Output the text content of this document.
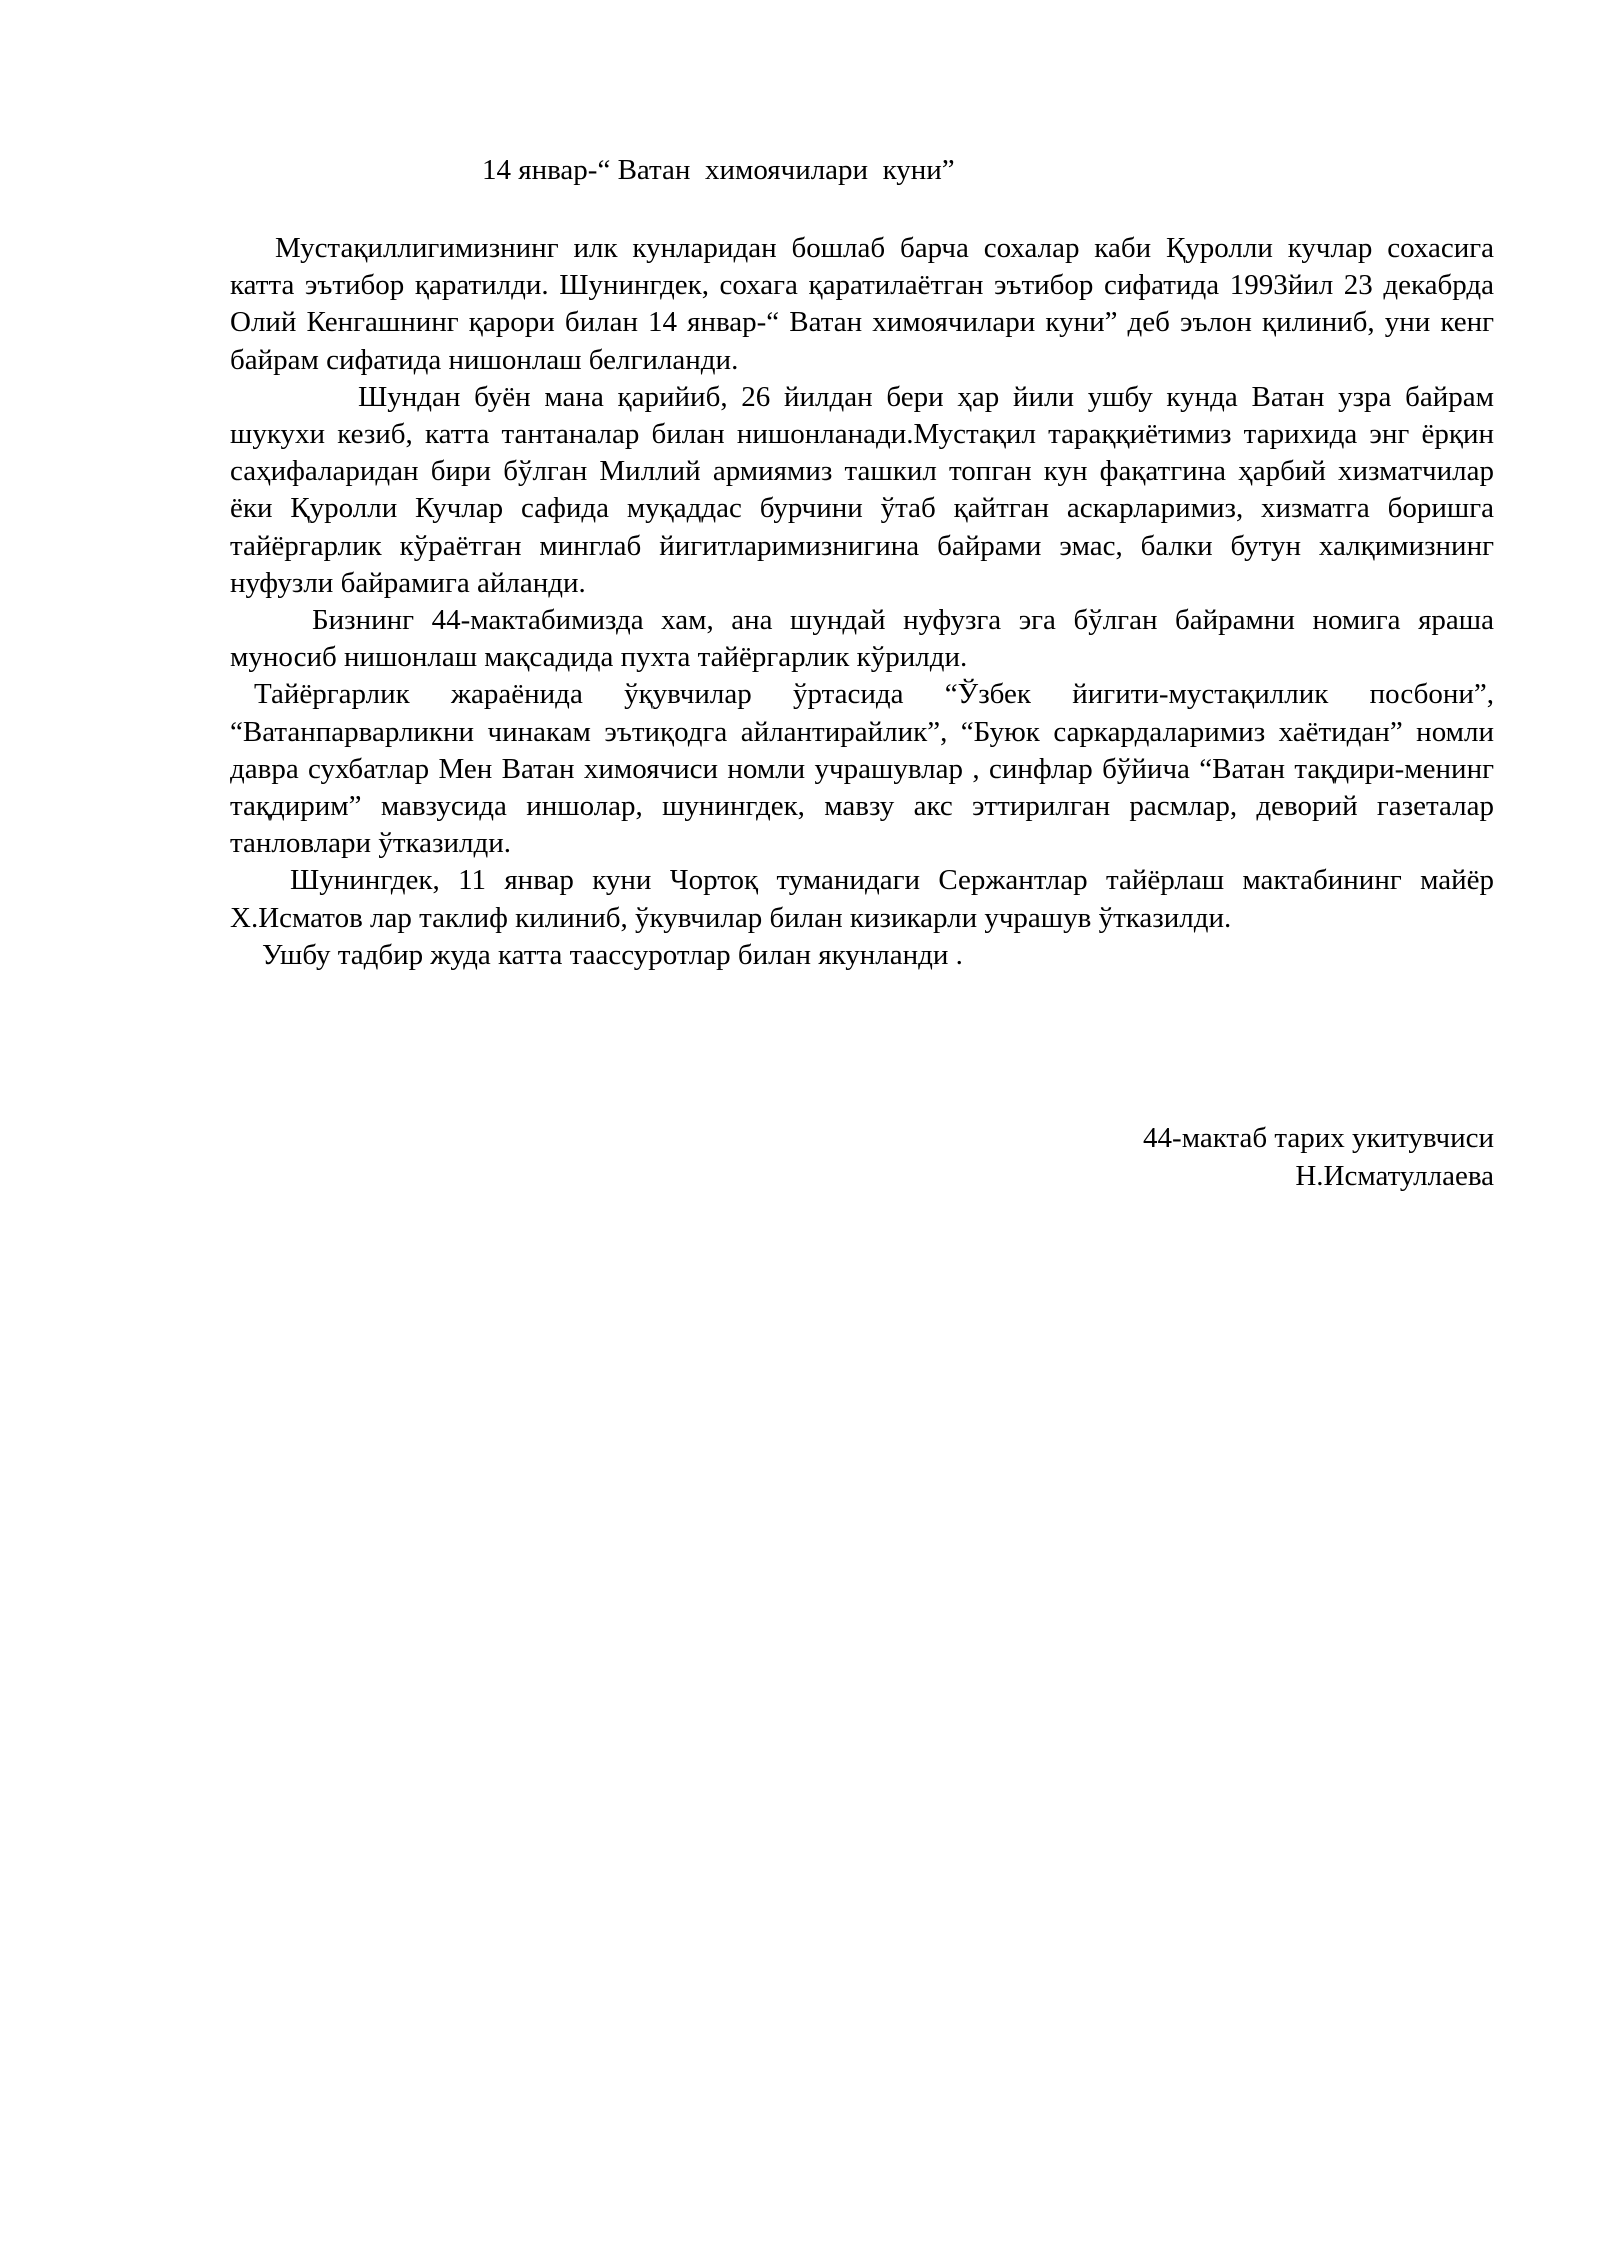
14 январ-“ Ватан  химоячилари  куни”

Мустақиллигимизнинг илк кунларидан бошлаб барча сохалар каби Қуролли кучлар сохасига катта эътибор қаратилди. Шунингдек, сохага қаратилаётган эътибор сифатида 1993йил 23 декабрда Олий Кенгашнинг қарори билан 14 январ-“ Ватан химоячилари куни” деб эълон қилиниб, уни кенг байрам сифатида нишонлаш белгиланди.

Шундан буён мана қарийиб, 26 йилдан бери ҳар йили ушбу кунда Ватан узра байрам шукухи кезиб, катта тантаналар билан нишонланади.Мустақил тараққиётимиз тарихида энг ёрқин саҳифаларидан бири бўлган Миллий армиямиз ташкил топган кун фақатгина ҳарбий хизматчилар ёки Қуролли Кучлар сафида муқаддас бурчини ўтаб қайтган аскарларимиз, хизматга боришга тайёргарлик кўраётган минглаб йигитларимизнигина байрами эмас, балки бутун халқимизнинг нуфузли байрамига айланди.

Бизнинг 44-мактабимизда хам, ана шундай нуфузга эга бўлган байрамни номига яраша муносиб нишонлаш мақсадида пухта тайёргарлик кўрилди.

Тайёргарлик жараёнида ўқувчилар ўртасида “Ўзбек йигити-мустақиллик посбони”, “Ватанпарварликни чинакам эътиқодга айлантирайлик”, “Буюк саркардаларимиз хаётидан” номли давра сухбатлар Мен Ватан химоячиси номли учрашувлар , синфлар бўйича “Ватан тақдири-менинг тақдирим” мавзусида иншолар, шунингдек, мавзу акс эттирилган расмлар, деворий газеталар танловлари ўтказилди.

Шунингдек, 11 январ куни Чортоқ туманидаги Сержантлар тайёрлаш мактабининг майёр Х.Исматов лар таклиф килиниб, ўкувчилар билан кизикарли учрашув ўтказилди.

Ушбу тадбир жуда катта таассуротлар билан якунланди .

44-мактаб тарих укитувчиси
Н.Исматуллаева
